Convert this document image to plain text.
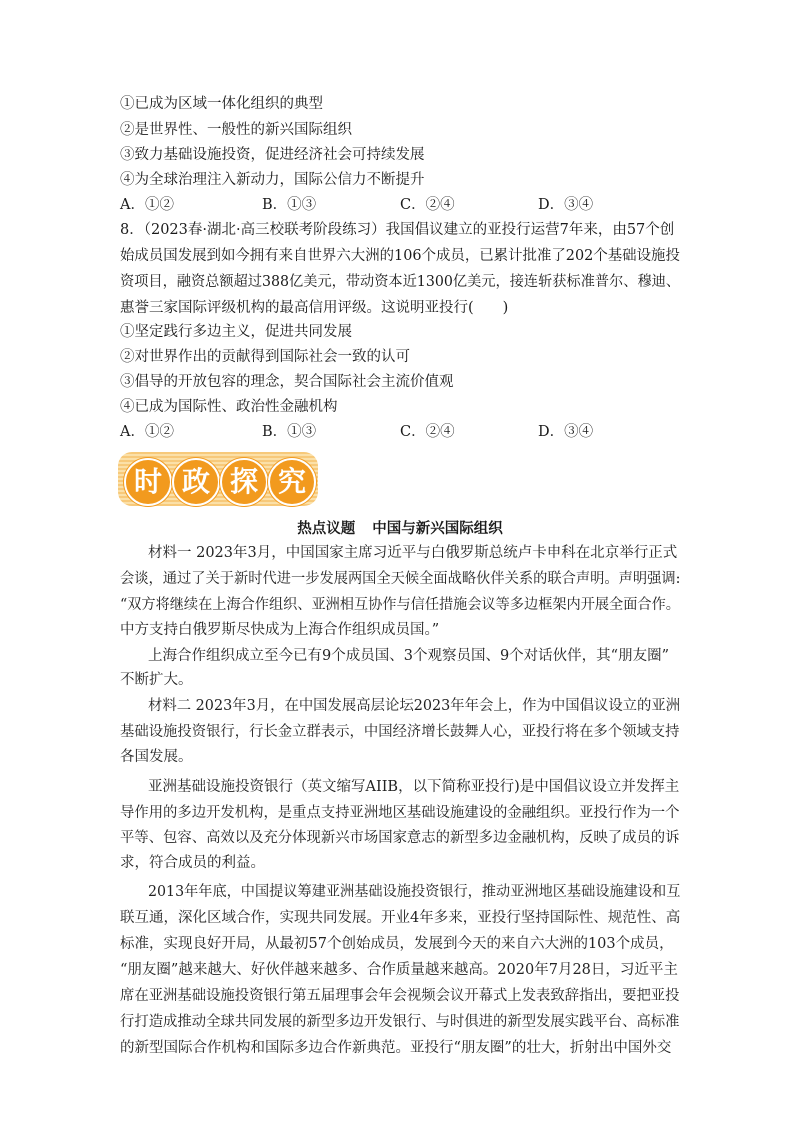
①已成为区域一体化组织的典型
②是世界性、一般性的新兴国际组织
③致力基础设施投资，促进经济社会可持续发展
④为全球治理注入新动力，国际公信力不断提升
A．①②	B．①③	C．②④	D．③④
8．（2023春·湖北·高三校联考阶段练习）我国倡议建立的亚投行运营7年来，由57个创
始成员国发展到如今拥有来自世界六大洲的106个成员，已累计批准了202个基础设施投
资项目，融资总额超过388亿美元，带动资本近1300亿美元，接连斩获标准普尔、穆迪、
惠誉三家国际评级机构的最高信用评级。这说明亚投行(　　)
①坚定践行多边主义，促进共同发展
②对世界作出的贡献得到国际社会一致的认可
③倡导的开放包容的理念，契合国际社会主流价值观
④已成为国际性、政治性金融机构
A．①②	B．①③	C．②④	D．③④
时 政 探 究
热点议题 中国与新兴国际组织
材料一 2023年3月，中国国家主席习近平与白俄罗斯总统卢卡申科在北京举行正式
会谈，通过了关于新时代进一步发展两国全天候全面战略伙伴关系的联合声明。声明强调:
“双方将继续在上海合作组织、亚洲相互协作与信任措施会议等多边框架内开展全面合作。
中方支持白俄罗斯尽快成为上海合作组织成员国。”
上海合作组织成立至今已有9个成员国、3个观察员国、9个对话伙伴，其“朋友圈”
不断扩大。
材料二 2023年3月，在中国发展高层论坛2023年年会上，作为中国倡议设立的亚洲
基础设施投资银行，行长金立群表示，中国经济增长鼓舞人心，亚投行将在多个领域支持
各国发展。
亚洲基础设施投资银行（英文缩写AIIB，以下简称亚投行)是中国倡议设立并发挥主
导作用的多边开发机构，是重点支持亚洲地区基础设施建设的金融组织。亚投行作为一个
平等、包容、高效以及充分体现新兴市场国家意志的新型多边金融机构，反映了成员的诉
求，符合成员的利益。
2013年年底，中国提议筹建亚洲基础设施投资银行，推动亚洲地区基础设施建设和互
联互通，深化区域合作，实现共同发展。开业4年多来，亚投行坚持国际性、规范性、高
标准，实现良好开局，从最初57个创始成员，发展到今天的来自六大洲的103个成员，
“朋友圈”越来越大、好伙伴越来越多、合作质量越来越高。2020年7月28日，习近平主
席在亚洲基础设施投资银行第五届理事会年会视频会议开幕式上发表致辞指出，要把亚投
行打造成推动全球共同发展的新型多边开发银行、与时俱进的新型发展实践平台、高标准
的新型国际合作机构和国际多边合作新典范。亚投行“朋友圈”的壮大，折射出中国外交
